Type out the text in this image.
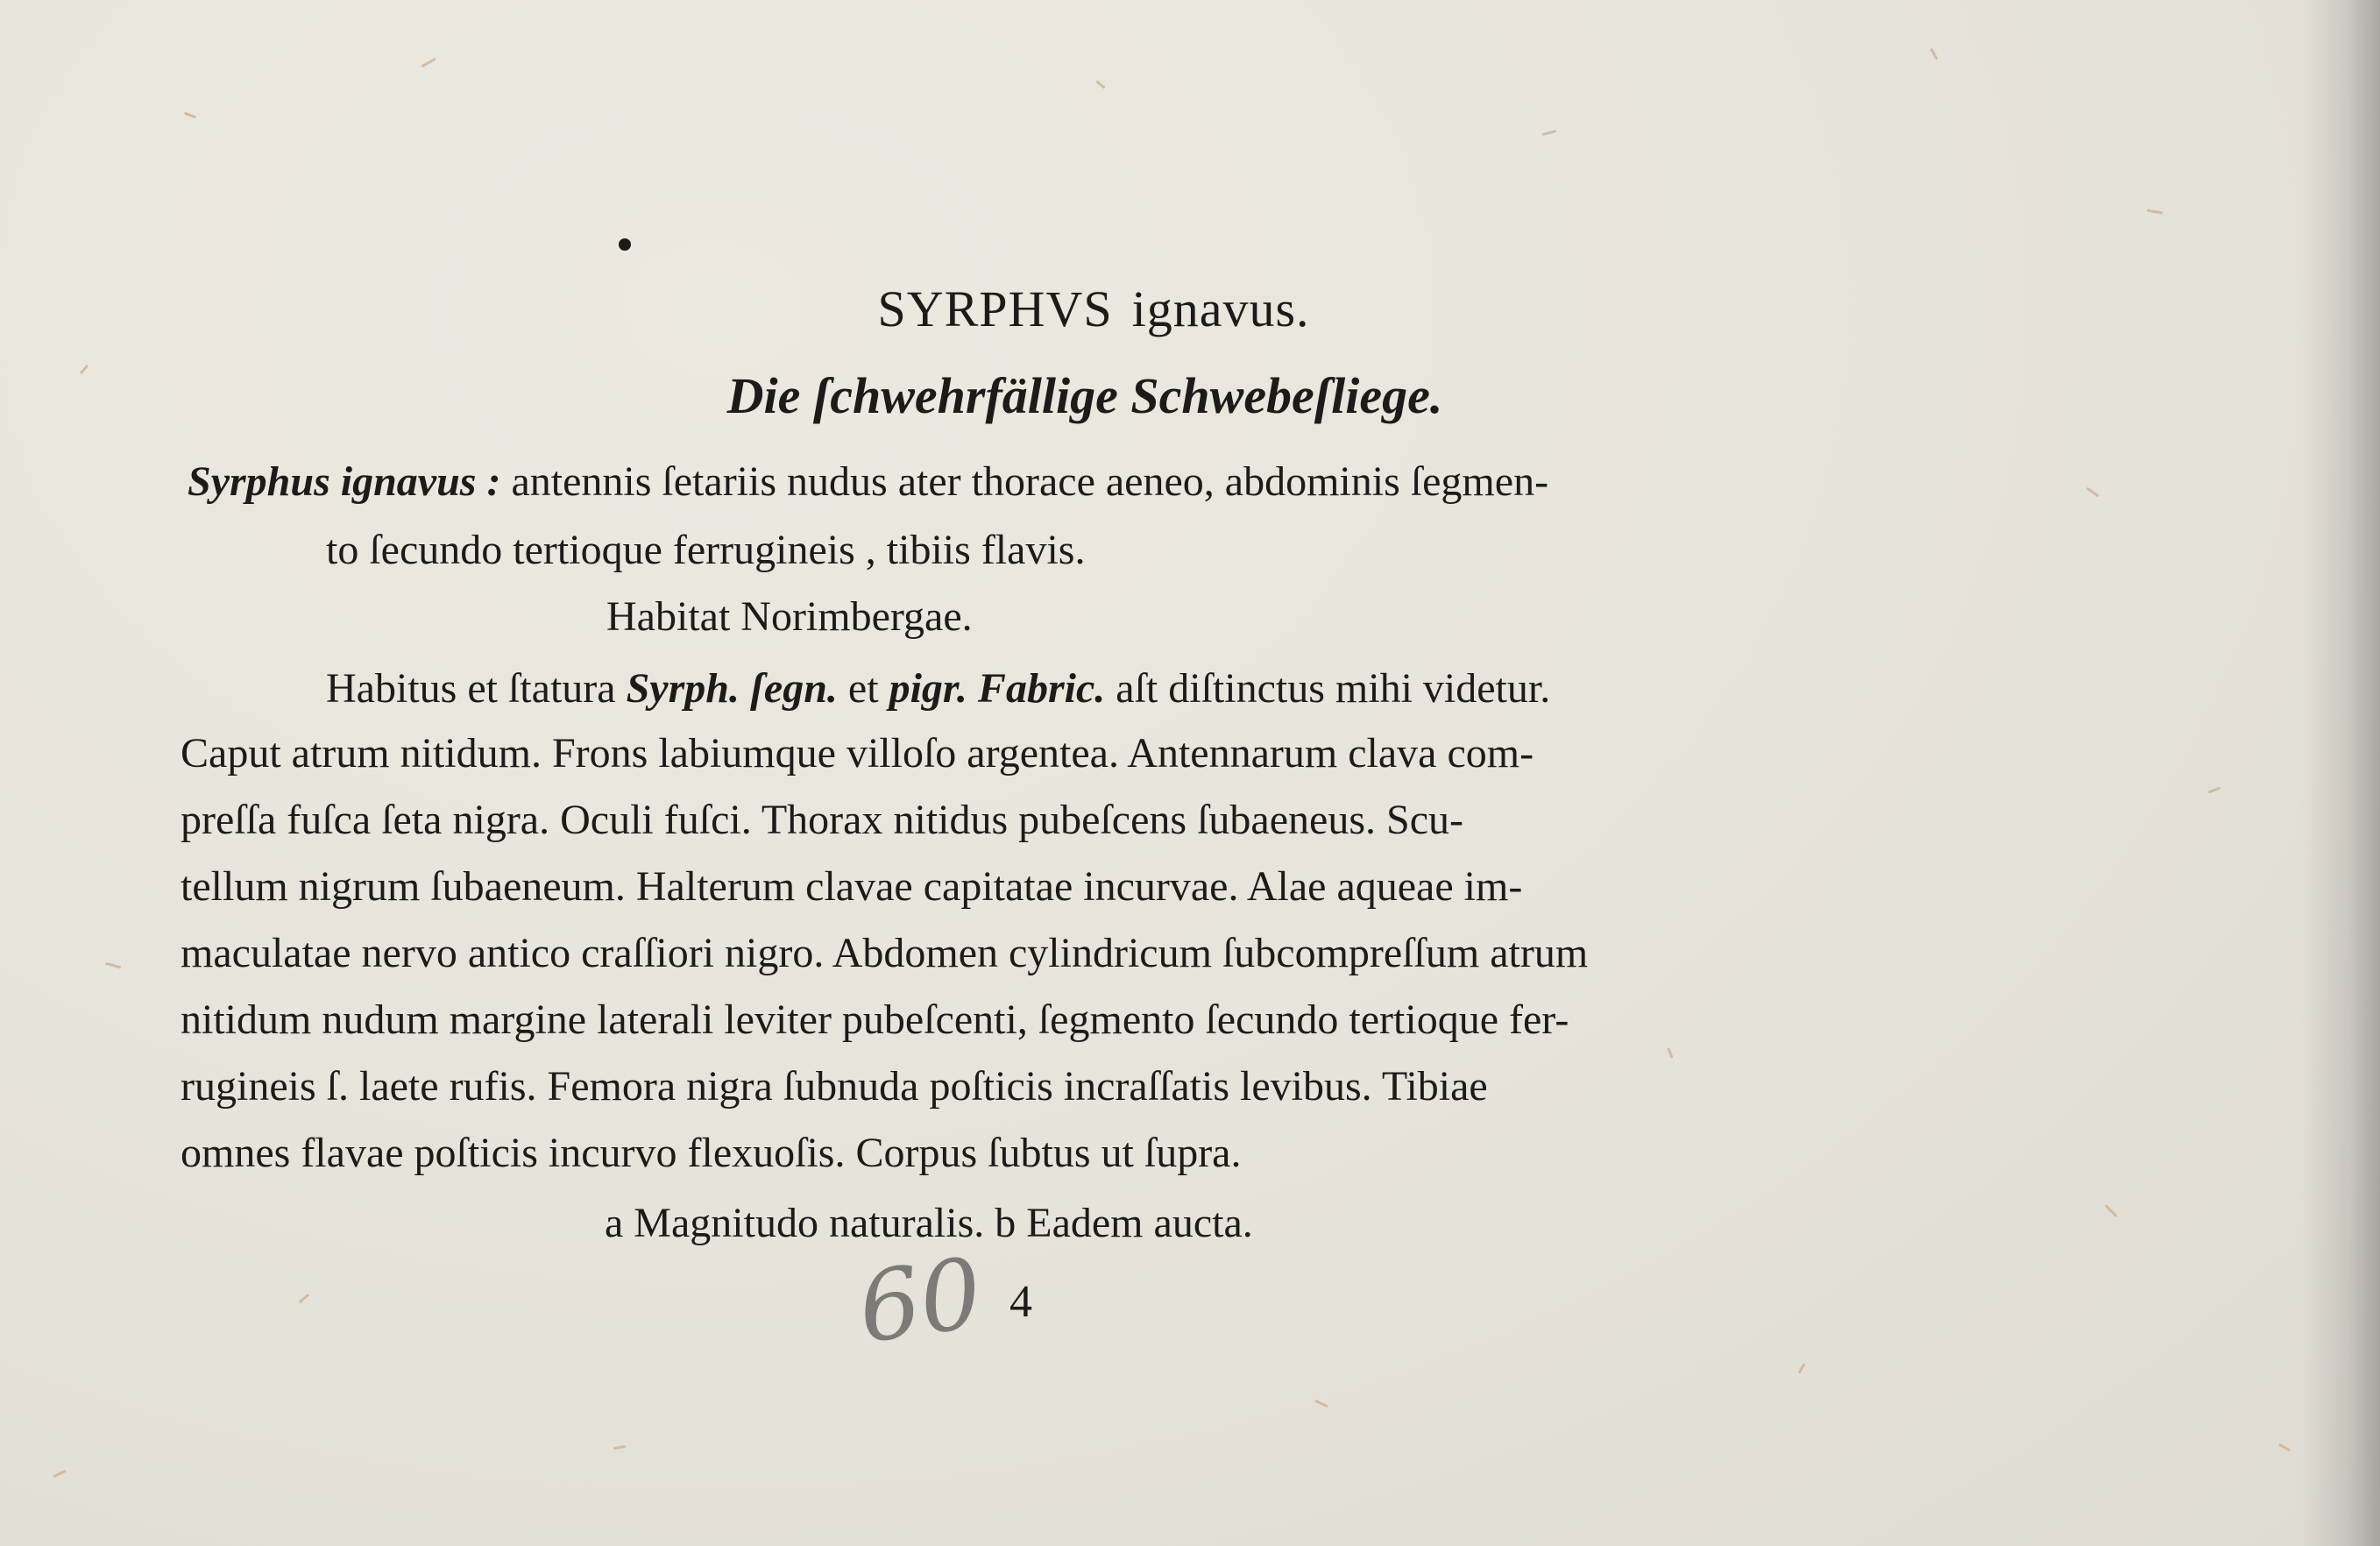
SYRPHVS ignavus.
Die ſchwehrfällige Schwebeſliege.
Syrphus ignavus : antennis ſetariis nudus ater thorace aeneo, abdominis ſegmen-
to ſecundo tertioque ferrugineis , tibiis flavis.
Habitat Norimbergae.
Habitus et ſtatura Syrph. ſegn. et pigr. Fabric. aſt diſtinctus mihi videtur.
Caput atrum nitidum. Frons labiumque villoſo argentea. Antennarum clava com-
preſſa fuſca ſeta nigra. Oculi fuſci. Thorax nitidus pubeſcens ſubaeneus. Scu-
tellum nigrum ſubaeneum. Halterum clavae capitatae incurvae. Alae aqueae im-
maculatae nervo antico craſſiori nigro. Abdomen cylindricum ſubcompreſſum atrum
nitidum nudum margine laterali leviter pubeſcenti, ſegmento ſecundo tertioque fer-
rugineis ſ. laete rufis. Femora nigra ſubnuda poſticis incraſſatis levibus. Tibiae
omnes flavae poſticis incurvo flexuoſis. Corpus ſubtus ut ſupra.
a Magnitudo naturalis. b Eadem aucta.
60 4
